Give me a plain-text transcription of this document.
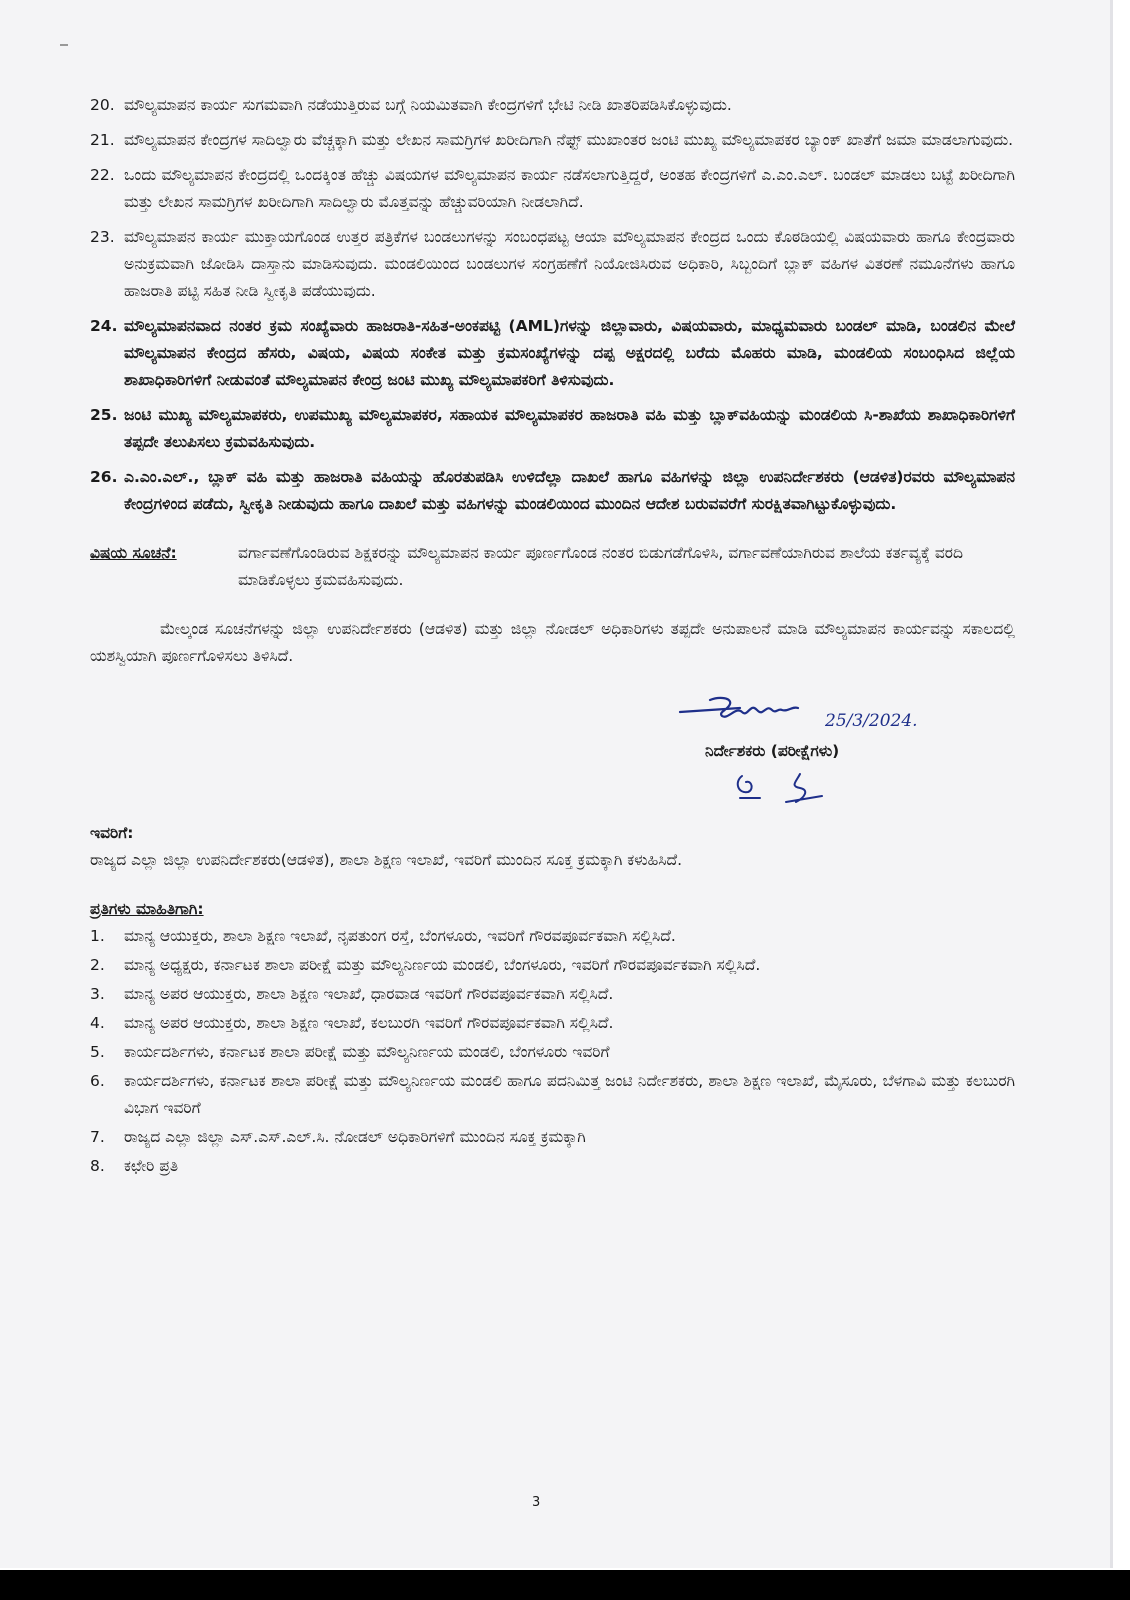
20. ಮೌಲ್ಯಮಾಪನ ಕಾರ್ಯ ಸುಗಮವಾಗಿ ನಡೆಯುತ್ತಿರುವ ಬಗ್ಗೆ ನಿಯಮಿತವಾಗಿ ಕೇಂದ್ರಗಳಿಗೆ ಭೇಟಿ ನೀಡಿ ಖಾತರಿಪಡಿಸಿಕೊಳ್ಳುವುದು.
21. ಮೌಲ್ಯಮಾಪನ ಕೇಂದ್ರಗಳ ಸಾದಿಲ್ವಾರು ವೆಚ್ಚಕ್ಕಾಗಿ ಮತ್ತು ಲೇಖನ ಸಾಮಗ್ರಿಗಳ ಖರೀದಿಗಾಗಿ ನೆಫ್ಟ್ ಮುಖಾಂತರ ಜಂಟಿ ಮುಖ್ಯ ಮೌಲ್ಯಮಾಪಕರ ಬ್ಯಾಂಕ್ ಖಾತೆಗೆ ಜಮಾ ಮಾಡಲಾಗುವುದು.
22. ಒಂದು ಮೌಲ್ಯಮಾಪನ ಕೇಂದ್ರದಲ್ಲಿ ಒಂದಕ್ಕಿಂತ ಹೆಚ್ಚು ವಿಷಯಗಳ ಮೌಲ್ಯಮಾಪನ ಕಾರ್ಯ ನಡೆಸಲಾಗುತ್ತಿದ್ದರೆ, ಅಂತಹ ಕೇಂದ್ರಗಳಿಗೆ ಎ.ಎಂ.ಎಲ್. ಬಂಡಲ್ ಮಾಡಲು ಬಟ್ಟೆ ಖರೀದಿಗಾಗಿ ಮತ್ತು ಲೇಖನ ಸಾಮಗ್ರಿಗಳ ಖರೀದಿಗಾಗಿ ಸಾದಿಲ್ವಾರು ಮೊತ್ತವನ್ನು ಹೆಚ್ಚುವರಿಯಾಗಿ ನೀಡಲಾಗಿದೆ.
23. ಮೌಲ್ಯಮಾಪನ ಕಾರ್ಯ ಮುಕ್ತಾಯಗೊಂಡ ಉತ್ತರ ಪತ್ರಿಕೆಗಳ ಬಂಡಲುಗಳನ್ನು ಸಂಬಂಧಪಟ್ಟ ಆಯಾ ಮೌಲ್ಯಮಾಪನ ಕೇಂದ್ರದ ಒಂದು ಕೊಠಡಿಯಲ್ಲಿ ವಿಷಯವಾರು ಹಾಗೂ ಕೇಂದ್ರವಾರು ಅನುಕ್ರಮವಾಗಿ ಜೋಡಿಸಿ ದಾಸ್ತಾನು ಮಾಡಿಸುವುದು. ಮಂಡಲಿಯಿಂದ ಬಂಡಲುಗಳ ಸಂಗ್ರಹಣೆಗೆ ನಿಯೋಜಿಸಿರುವ ಅಧಿಕಾರಿ, ಸಿಬ್ಬಂದಿಗೆ ಬ್ಲಾಕ್ ವಹಿಗಳ ವಿತರಣೆ ನಮೂನೆಗಳು ಹಾಗೂ ಹಾಜರಾತಿ ಪಟ್ಟಿ ಸಹಿತ ನೀಡಿ ಸ್ವೀಕೃತಿ ಪಡೆಯುವುದು.
24. ಮೌಲ್ಯಮಾಪನವಾದ ನಂತರ ಕ್ರಮ ಸಂಖ್ಯೆವಾರು ಹಾಜರಾತಿ-ಸಹಿತ-ಅಂಕಪಟ್ಟಿ (AML)ಗಳನ್ನು ಜಿಲ್ಲಾವಾರು, ವಿಷಯವಾರು, ಮಾಧ್ಯಮವಾರು ಬಂಡಲ್ ಮಾಡಿ, ಬಂಡಲಿನ ಮೇಲೆ ಮೌಲ್ಯಮಾಪನ ಕೇಂದ್ರದ ಹೆಸರು, ವಿಷಯ, ವಿಷಯ ಸಂಕೇತ ಮತ್ತು ಕ್ರಮಸಂಖ್ಯೆಗಳನ್ನು ದಪ್ಪ ಅಕ್ಷರದಲ್ಲಿ ಬರೆದು ಮೊಹರು ಮಾಡಿ, ಮಂಡಲಿಯ ಸಂಬಂಧಿಸಿದ ಜಿಲ್ಲೆಯ ಶಾಖಾಧಿಕಾರಿಗಳಿಗೆ ನೀಡುವಂತೆ ಮೌಲ್ಯಮಾಪನ ಕೇಂದ್ರ ಜಂಟಿ ಮುಖ್ಯ ಮೌಲ್ಯಮಾಪಕರಿಗೆ ತಿಳಿಸುವುದು.
25. ಜಂಟಿ ಮುಖ್ಯ ಮೌಲ್ಯಮಾಪಕರು, ಉಪಮುಖ್ಯ ಮೌಲ್ಯಮಾಪಕರ, ಸಹಾಯಕ ಮೌಲ್ಯಮಾಪಕರ ಹಾಜರಾತಿ ವಹಿ ಮತ್ತು ಬ್ಲಾಕ್‌ವಹಿಯನ್ನು ಮಂಡಲಿಯ ಸಿ-ಶಾಖೆಯ ಶಾಖಾಧಿಕಾರಿಗಳಿಗೆ ತಪ್ಪದೇ ತಲುಪಿಸಲು ಕ್ರಮವಹಿಸುವುದು.
26. ಎ.ಎಂ.ಎಲ್., ಬ್ಲಾಕ್ ವಹಿ ಮತ್ತು ಹಾಜರಾತಿ ವಹಿಯನ್ನು ಹೊರತುಪಡಿಸಿ ಉಳಿದೆಲ್ಲಾ ದಾಖಲೆ ಹಾಗೂ ವಹಿಗಳನ್ನು ಜಿಲ್ಲಾ ಉಪನಿರ್ದೇಶಕರು (ಆಡಳಿತ)ರವರು ಮೌಲ್ಯಮಾಪನ ಕೇಂದ್ರಗಳಿಂದ ಪಡೆದು, ಸ್ವೀಕೃತಿ ನೀಡುವುದು ಹಾಗೂ ದಾಖಲೆ ಮತ್ತು ವಹಿಗಳನ್ನು ಮಂಡಲಿಯಿಂದ ಮುಂದಿನ ಆದೇಶ ಬರುವವರೆಗೆ ಸುರಕ್ಷಿತವಾಗಿಟ್ಟುಕೊಳ್ಳುವುದು.
ವಿಷಯ ಸೂಚನೆ:	ವರ್ಗಾವಣೆಗೊಂಡಿರುವ ಶಿಕ್ಷಕರನ್ನು ಮೌಲ್ಯಮಾಪನ ಕಾರ್ಯ ಪೂರ್ಣಗೊಂಡ ನಂತರ ಬಿಡುಗಡೆಗೊಳಿಸಿ, ವರ್ಗಾವಣೆಯಾಗಿರುವ ಶಾಲೆಯ ಕರ್ತವ್ಯಕ್ಕೆ ವರದಿ ಮಾಡಿಕೊಳ್ಳಲು ಕ್ರಮವಹಿಸುವುದು.
ಮೇಲ್ಕಂಡ ಸೂಚನೆಗಳನ್ನು ಜಿಲ್ಲಾ ಉಪನಿರ್ದೇಶಕರು (ಆಡಳಿತ) ಮತ್ತು ಜಿಲ್ಲಾ ನೋಡಲ್ ಅಧಿಕಾರಿಗಳು ತಪ್ಪದೇ ಅನುಪಾಲನೆ ಮಾಡಿ ಮೌಲ್ಯಮಾಪನ ಕಾರ್ಯವನ್ನು ಸಕಾಲದಲ್ಲಿ ಯಶಸ್ವಿಯಾಗಿ ಪೂರ್ಣಗೊಳಿಸಲು ತಿಳಿಸಿದೆ.
25/3/2024.
ನಿರ್ದೇಶಕರು (ಪರೀಕ್ಷೆಗಳು)
ಇವರಿಗೆ:
ರಾಜ್ಯದ ಎಲ್ಲಾ ಜಿಲ್ಲಾ ಉಪನಿರ್ದೇಶಕರು(ಆಡಳಿತ), ಶಾಲಾ ಶಿಕ್ಷಣ ಇಲಾಖೆ, ಇವರಿಗೆ ಮುಂದಿನ ಸೂಕ್ತ ಕ್ರಮಕ್ಕಾಗಿ ಕಳುಹಿಸಿದೆ.
ಪ್ರತಿಗಳು ಮಾಹಿತಿಗಾಗಿ:
1.	ಮಾನ್ಯ ಆಯುಕ್ತರು, ಶಾಲಾ ಶಿಕ್ಷಣ ಇಲಾಖೆ, ನೃಪತುಂಗ ರಸ್ತೆ, ಬೆಂಗಳೂರು, ಇವರಿಗೆ ಗೌರವಪೂರ್ವಕವಾಗಿ ಸಲ್ಲಿಸಿದೆ.
2.	ಮಾನ್ಯ ಅಧ್ಯಕ್ಷರು, ಕರ್ನಾಟಕ ಶಾಲಾ ಪರೀಕ್ಷೆ ಮತ್ತು ಮೌಲ್ಯನಿರ್ಣಯ ಮಂಡಲಿ, ಬೆಂಗಳೂರು, ಇವರಿಗೆ ಗೌರವಪೂರ್ವಕವಾಗಿ ಸಲ್ಲಿಸಿದೆ.
3.	ಮಾನ್ಯ ಅಪರ ಆಯುಕ್ತರು, ಶಾಲಾ ಶಿಕ್ಷಣ ಇಲಾಖೆ, ಧಾರವಾಡ ಇವರಿಗೆ ಗೌರವಪೂರ್ವಕವಾಗಿ ಸಲ್ಲಿಸಿದೆ.
4.	ಮಾನ್ಯ ಅಪರ ಆಯುಕ್ತರು, ಶಾಲಾ ಶಿಕ್ಷಣ ಇಲಾಖೆ, ಕಲಬುರಗಿ ಇವರಿಗೆ ಗೌರವಪೂರ್ವಕವಾಗಿ ಸಲ್ಲಿಸಿದೆ.
5.	ಕಾರ್ಯದರ್ಶಿಗಳು, ಕರ್ನಾಟಕ ಶಾಲಾ ಪರೀಕ್ಷೆ ಮತ್ತು ಮೌಲ್ಯನಿರ್ಣಯ ಮಂಡಲಿ, ಬೆಂಗಳೂರು ಇವರಿಗೆ
6.	ಕಾರ್ಯದರ್ಶಿಗಳು, ಕರ್ನಾಟಕ ಶಾಲಾ ಪರೀಕ್ಷೆ ಮತ್ತು ಮೌಲ್ಯನಿರ್ಣಯ ಮಂಡಲಿ ಹಾಗೂ ಪದನಿಮಿತ್ತ ಜಂಟಿ ನಿರ್ದೇಶಕರು, ಶಾಲಾ ಶಿಕ್ಷಣ ಇಲಾಖೆ, ಮೈಸೂರು, ಬೆಳಗಾವಿ ಮತ್ತು ಕಲಬುರಗಿ ವಿಭಾಗ ಇವರಿಗೆ
7.	ರಾಜ್ಯದ ಎಲ್ಲಾ ಜಿಲ್ಲಾ ಎಸ್.ಎಸ್.ಎಲ್.ಸಿ. ನೋಡಲ್ ಅಧಿಕಾರಿಗಳಿಗೆ ಮುಂದಿನ ಸೂಕ್ತ ಕ್ರಮಕ್ಕಾಗಿ
8.	ಕಛೇರಿ ಪ್ರತಿ
3
